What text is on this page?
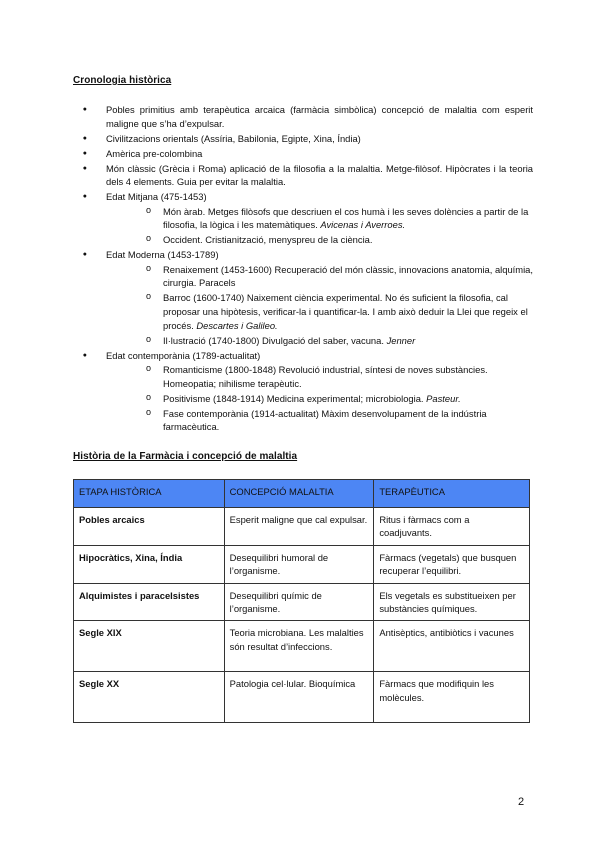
Cronologia històrica
● Pobles primitius amb terapèutica arcaica (farmàcia simbòlica) concepció de malaltia com esperit maligne que s’ha d’expulsar.
● Civilitzacions orientals (Assíria, Babilonia, Egipte, Xina, Índia)
● Amèrica pre-colombina
● Món clàssic (Grècia i Roma) aplicació de la filosofia a la malaltia. Metge-filòsof. Hipòcrates i la teoria dels 4 elements. Guia per evitar la malaltia.
● Edat Mitjana (475-1453)
o Món àrab. Metges filòsofs que descriuen el cos humà i les seves dolències a partir de la filosofia, la lògica i les matemàtiques. Avicenas i Averroes.
o Occident. Cristianització, menyspreu de la ciència.
● Edat Moderna (1453-1789)
o Renaixement (1453-1600) Recuperació del món clàssic, innovacions anatomia, alquímia, cirurgia. Paracels
o Barroc (1600-1740) Naixement ciència experimental. No és suficient la filosofia, cal proposar una hipòtesis, verificar-la i quantificar-la. I amb això deduir la Llei que regeix el procés. Descartes i Galileo.
o Il·lustració (1740-1800) Divulgació del saber, vacuna. Jenner
● Edat contemporània (1789-actualitat)
o Romanticisme (1800-1848) Revolució industrial, síntesi de noves substàncies. Homeopatia; nihilisme terapèutic.
o Positivisme (1848-1914) Medicina experimental; microbiologia. Pasteur.
o Fase contemporània (1914-actualitat) Màxim desenvolupament de la indústria farmacèutica.
Història de la Farmàcia i concepció de malaltia
ETAPA HISTÒRICA	CONCEPCIÓ MALALTIA	TERAPÈUTICA
Pobles arcaics	Esperit maligne que cal expulsar.	Ritus i fàrmacs com a coadjuvants.
Hipocràtics, Xina, Índia	Desequilibri humoral de l’organisme.	Fàrmacs (vegetals) que busquen recuperar l’equilibri.
Alquimistes i paracelsistes	Desequilibri químic de l’organisme.	Els vegetals es substitueixen per substàncies químiques.
Segle XIX	Teoria microbiana. Les malalties són resultat d’infeccions.	Antisèptics, antibiòtics i vacunes
Segle XX	Patologia cel·lular. Bioquímica	Fàrmacs que modifiquin les molècules.
2
